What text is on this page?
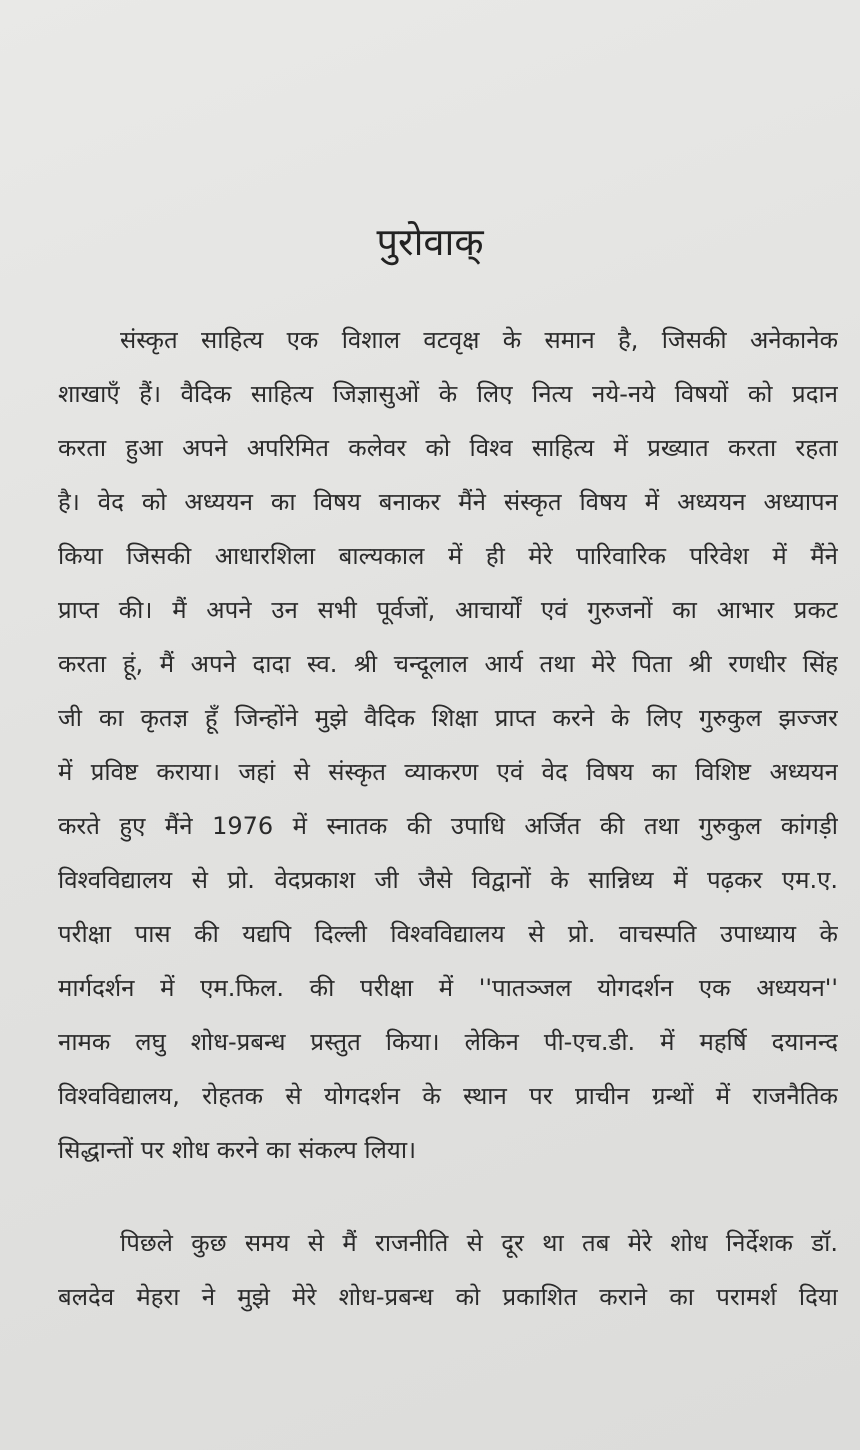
पुरोवाक्
संस्कृत साहित्य एक विशाल वटवृक्ष के समान है, जिसकी अनेकानेक
शाखाएँ हैं। वैदिक साहित्य जिज्ञासुओं के लिए नित्य नये-नये विषयों को प्रदान
करता हुआ अपने अपरिमित कलेवर को विश्व साहित्य में प्रख्यात करता रहता
है। वेद को अध्ययन का विषय बनाकर मैंने संस्कृत विषय में अध्ययन अध्यापन
किया जिसकी आधारशिला बाल्यकाल में ही मेरे पारिवारिक परिवेश में मैंने
प्राप्त की। मैं अपने उन सभी पूर्वजों, आचार्यों एवं गुरुजनों का आभार प्रकट
करता हूं, मैं अपने दादा स्व. श्री चन्दूलाल आर्य तथा मेरे पिता श्री रणधीर सिंह
जी का कृतज्ञ हूँ जिन्होंने मुझे वैदिक शिक्षा प्राप्त करने के लिए गुरुकुल झज्जर
में प्रविष्ट कराया। जहां से संस्कृत व्याकरण एवं वेद विषय का विशिष्ट अध्ययन
करते हुए मैंने 1976 में स्नातक की उपाधि अर्जित की तथा गुरुकुल कांगड़ी
विश्वविद्यालय से प्रो. वेदप्रकाश जी जैसे विद्वानों के सान्निध्य में पढ़कर एम.ए.
परीक्षा पास की यद्यपि दिल्ली विश्वविद्यालय से प्रो. वाचस्पति उपाध्याय के
मार्गदर्शन में एम.फिल. की परीक्षा में ''पातञ्जल योगदर्शन एक अध्ययन''
नामक लघु शोध-प्रबन्ध प्रस्तुत किया। लेकिन पी-एच.डी. में महर्षि दयानन्द
विश्वविद्यालय, रोहतक से योगदर्शन के स्थान पर प्राचीन ग्रन्थों में राजनैतिक
सिद्धान्तों पर शोध करने का संकल्प लिया।
पिछले कुछ समय से मैं राजनीति से दूर था तब मेरे शोध निर्देशक डॉ.
बलदेव मेहरा ने मुझे मेरे शोध-प्रबन्ध को प्रकाशित कराने का परामर्श दिया
